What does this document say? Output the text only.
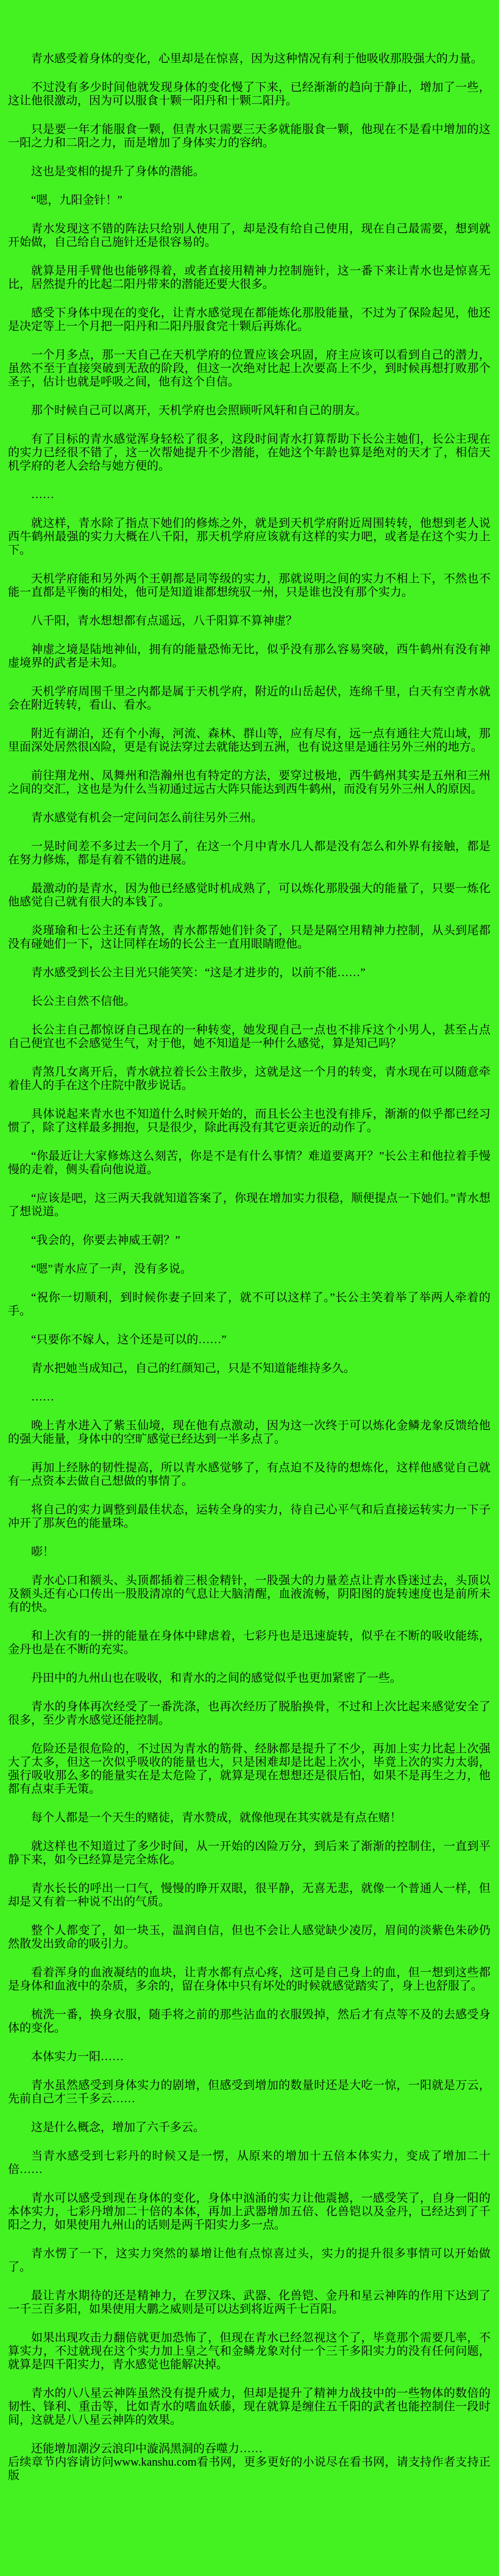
青水感受着身体的变化，心里却是在惊喜，因为这种情况有利于他吸收那股强大的力量。

不过没有多少时间他就发现身体的变化慢了下来，已经渐渐的趋向于静止，增加了一些，这让他很激动，因为可以服食十颗一阳丹和十颗二阳丹。

只是要一年才能服食一颗，但青水只需要三天多就能服食一颗，他现在不是看中增加的这一阳之力和二阳之力，而是增加了身体实力的容纳。

这也是变相的提升了身体的潜能。

“嗯，九阳金针！”

青水发现这不错的阵法只给别人使用了，却是没有给自己使用，现在自己最需要，想到就开始做，自己给自己施针还是很容易的。

就算是用手臂他也能够得着，或者直接用精神力控制施针，这一番下来让青水也是惊喜无比，居然提升的比起二阳丹带来的潜能还要大很多。

感受下身体中现在的变化，让青水感觉现在都能炼化那股能量，不过为了保险起见，他还是决定等上一个月把一阳丹和二阳丹服食完十颗后再炼化。

一个月多点，那一天自己在天机学府的位置应该会巩固，府主应该可以看到自己的潜力，虽然不至于直接突破到无敌的阶段，但这一次绝对比起上次要高上不少，到时候再想打败那个圣子，估计也就是呼吸之间，他有这个自信。

那个时候自己可以离开，天机学府也会照顾听风轩和自己的朋友。

有了目标的青水感觉浑身轻松了很多，这段时间青水打算帮助下长公主她们，长公主现在的实力已经很不错了，这一次帮她提升不少潜能，在她这个年龄也算是绝对的天才了，相信天机学府的老人会给与她方便的。

……

就这样，青水除了指点下她们的修炼之外，就是到天机学府附近周围转转，他想到老人说西牛鹤州最强的实力大概在八千阳，那天机学府应该就有这样的实力吧，或者是在这个实力上下。

天机学府能和另外两个王朝都是同等级的实力，那就说明之间的实力不相上下，不然也不能一直都是平衡的相处，他可是知道谁都想统驭一州，只是谁也没有那个实力。

八千阳，青水想想都有点遥远，八千阳算不算神虚？

神虚之境是陆地神仙，拥有的能量恐怖无比，似乎没有那么容易突破，西牛鹤州有没有神虚境界的武者是未知。

天机学府周围千里之内都是属于天机学府，附近的山岳起伏，连绵千里，白天有空青水就会在附近转转，看山、看水。

附近有湖泊，还有个小海，河流、森林、群山等，应有尽有，远一点有通往大荒山域，那里面深处居然很凶险，更是有说法穿过去就能达到五洲，也有说这里是通往另外三州的地方。

前往翔龙州、凤舞州和浩瀚州也有特定的方法，要穿过极地，西牛鹤州其实是五州和三州之间的交汇，这也是为什么当初通过远古大阵只能达到西牛鹤州，而没有另外三州人的原因。

青水感觉有机会一定问问怎么前往另外三州。

一晃时间差不多过去一个月了，在这一个月中青水几人都是没有怎么和外界有接触，都是在努力修炼，都是有着不错的进展。

最激动的是青水，因为他已经感觉时机成熟了，可以炼化那股强大的能量了，只要一炼化他感觉自己就有很大的本钱了。

炎瑾瑜和七公主还有青煞，青水都帮她们针灸了，只是是隔空用精神力控制，从头到尾都没有碰她们一下，这让同样在场的长公主一直用眼睛瞪他。

青水感受到长公主目光只能笑笑：“这是才进步的，以前不能……”

长公主自然不信他。

长公主自己都惊讶自己现在的一种转变，她发现自己一点也不排斥这个小男人，甚至占点自己便宜也不会感觉生气，对于他，她不知道是一种什么感觉，算是知己吗？

青煞几女离开后，青水就拉着长公主散步，这就是这一个月的转变，青水现在可以随意牵着佳人的手在这个庄院中散步说话。

具体说起来青水也不知道什么时候开始的，而且长公主也没有排斥，渐渐的似乎都已经习惯了，除了这样最多拥抱，只是很少，除此再没有其它更亲近的动作了。

“你最近让大家修炼这么刻苦，你是不是有什么事情？难道要离开？”长公主和他拉着手慢慢的走着，侧头看向他说道。

“应该是吧，这三两天我就知道答案了，你现在增加实力很稳，顺便提点一下她们。”青水想了想说道。

“我会的，你要去神威王朝？”

“嗯”青水应了一声，没有多说。

“祝你一切顺利，到时候你妻子回来了，就不可以这样了。”长公主笑着举了举两人牵着的手。

“只要你不嫁人，这个还是可以的……”

青水把她当成知己，自己的红颜知己，只是不知道能维持多久。

……

晚上青水进入了紫玉仙境，现在他有点激动，因为这一次终于可以炼化金鳞龙象反馈给他的强大能量，身体中的空旷感觉已经达到一半多点了。

再加上经脉的韧性提高，所以青水感觉够了，有点迫不及待的想炼化，这样他感觉自己就有一点资本去做自己想做的事情了。

将自己的实力调整到最佳状态，运转全身的实力，待自己心平气和后直接运转实力一下子冲开了那灰色的能量珠。

嘭！

青水心口和额头、头顶都插着三根金精针，一股强大的力量差点让青水昏迷过去，头顶以及额头还有心口传出一股股清凉的气息让大脑清醒，血液流畅，阴阳图的旋转速度也是前所未有的快。

和上次有的一拼的能量在身体中肆虐着，七彩丹也是迅速旋转，似乎在不断的吸收能练，金丹也是在不断的充实。

丹田中的九州山也在吸收，和青水的之间的感觉似乎也更加紧密了一些。

青水的身体再次经受了一番洗涤，也再次经历了脱胎换骨，不过和上次比起来感觉安全了很多，至少青水感觉还能控制。

危险还是很危险的，不过因为青水的筋骨、经脉都是提升了不少，再加上实力比起上次强大了太多，但这一次似乎吸收的能量也大，只是困难却是比起上次小，毕竟上次的实力太弱，强行吸收那么多的能量实在是太危险了，就算是现在想想还是很后怕，如果不是再生之力，他都有点束手无策。

每个人都是一个天生的赌徒，青水赞成，就像他现在其实就是有点在赌！

就这样也不知道过了多少时间，从一开始的凶险万分，到后来了渐渐的控制住，一直到平静下来，如今已经算是完全炼化。

青水长长的呼出一口气，慢慢的睁开双眼，很平静，无喜无悲，就像一个普通人一样，但却是又有着一种说不出的气质。

整个人都变了，如一块玉，温润自信，但也不会让人感觉缺少凌厉，眉间的淡紫色朱砂仍然散发出致命的吸引力。

看着浑身的血液凝结的血块，让青水都有点心疼，这可是自己身上的血，但一想到这些都是身体和血液中的杂质，多余的，留在身体中只有坏处的时候就感觉踏实了，身上也舒服了。

梳洗一番，换身衣服，随手将之前的那些沾血的衣服毁掉，然后才有点等不及的去感受身体的变化。

本体实力一阳……

青水虽然感受到身体实力的剧增，但感受到增加的数量时还是大吃一惊，一阳就是万云，先前自己才三千多云……

这是什么概念，增加了六千多云。

当青水感受到七彩丹的时候又是一愣，从原来的增加十五倍本体实力，变成了增加二十倍……

青水可以感受到现在身体的变化，身体中汹涌的实力让他震撼，一感受笑了，自身一阳的本体实力，七彩丹增加二十倍的本体，再加上武器增加五倍、化兽铠以及金丹，已经达到了千阳之力，如果使用九州山的话则是两千阳实力多一点。

青水愣了一下，这实力突然的暴增让他有点惊喜过头，实力的提升很多事情可以开始做了。

最让青水期待的还是精神力，在罗汉珠、武器、化兽铠、金丹和星云神阵的作用下达到了一千三百多阳，如果使用大鹏之威则是可以达到将近两千七百阳。

如果出现攻击力翻倍就更加恐怖了，但现在青水已经忽视这个了，毕竟那个需要几率，不算实力，不过就现在这个实力加上皇之气和金鳞龙象对付一个三千多阳实力的没有任何问题，就算是四千阳实力，青水感觉也能解决掉。

青水的八八星云神阵虽然没有提升威力，但却是提升了精神力战技中的一些物体的数倍的韧性、锋利、重击等，比如青水的嗜血妖藤，现在就算是缠住五千阳的武者也能控制住一段时间，这就是八八星云神阵的效果。

还能增加潮汐云浪印中漩涡黑洞的吞噬力……

后续章节内容请访问www.kanshu.com看书网，更多更好的小说尽在看书网，请支持作者支持正版
